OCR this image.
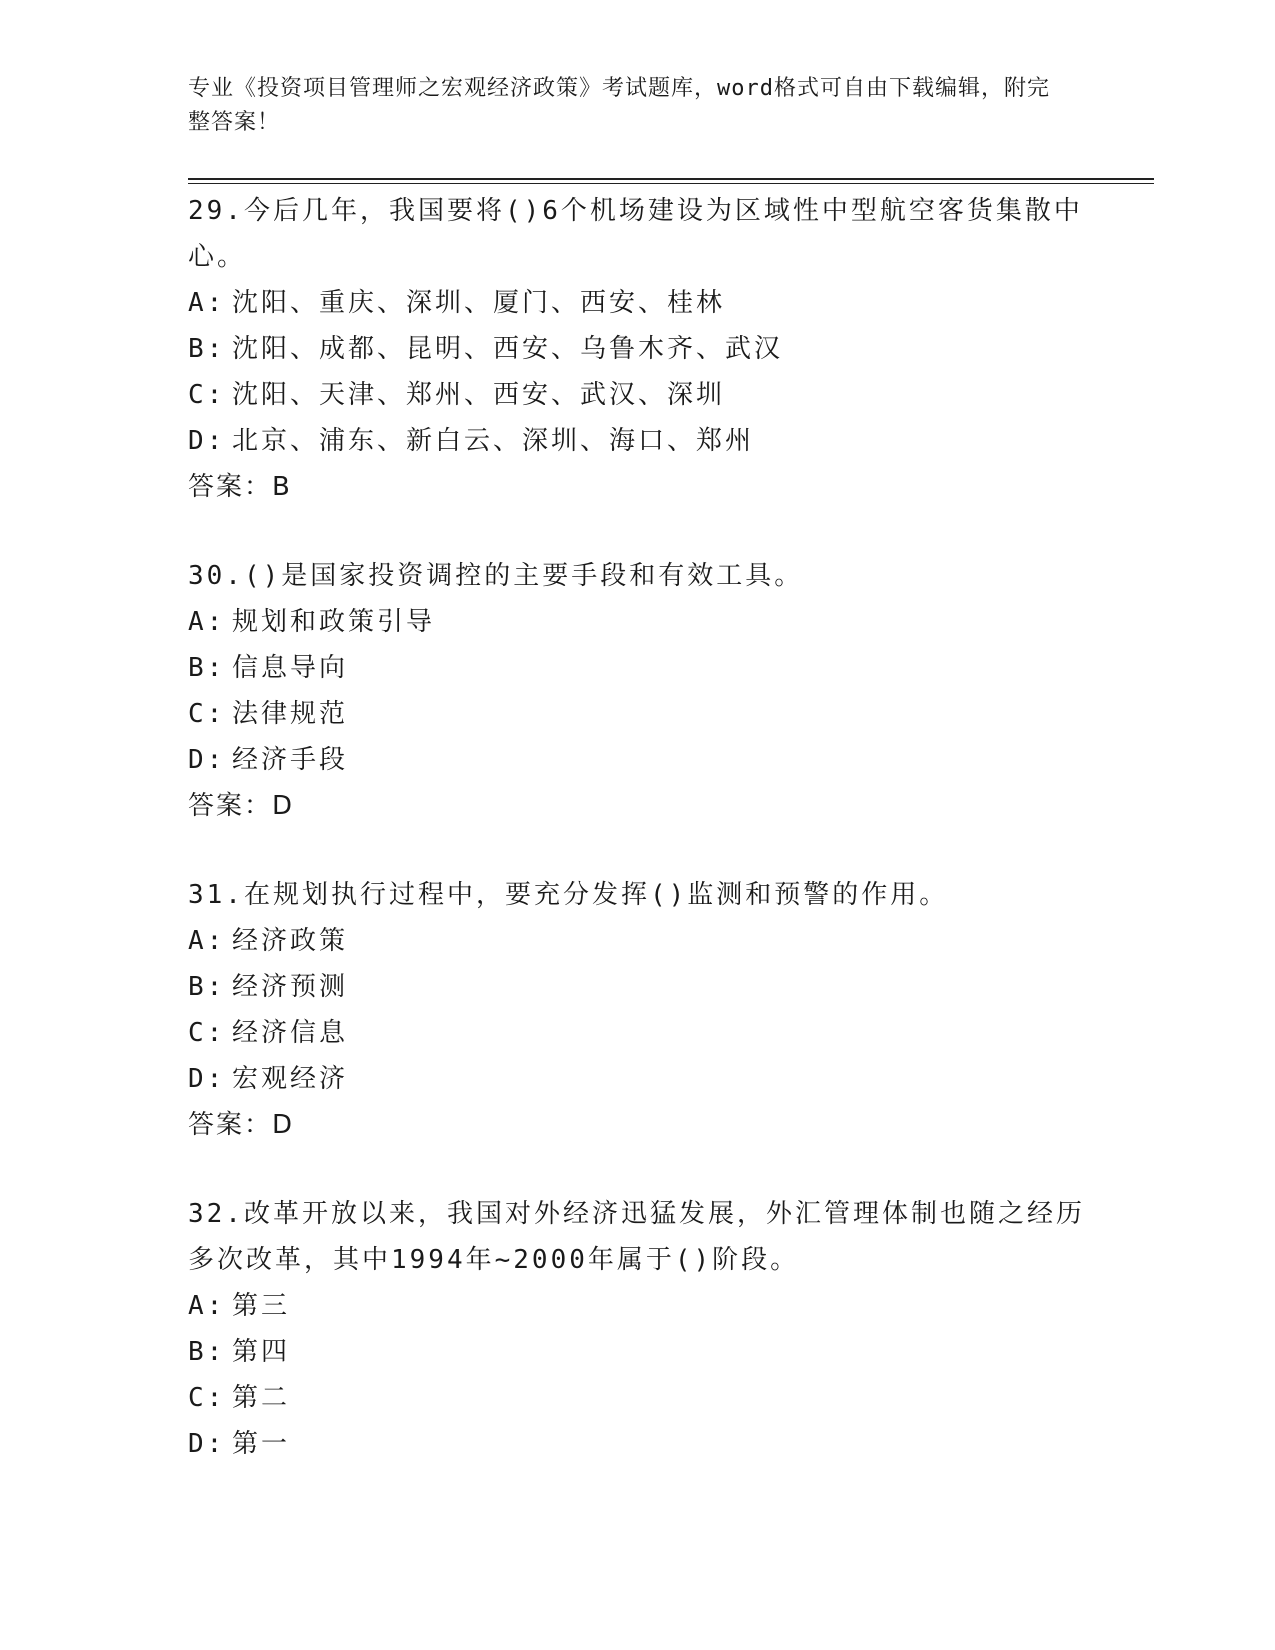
专业《投资项目管理师之宏观经济政策》考试题库，word格式可自由下载编辑，附完整答案！

29.今后几年，我国要将()6个机场建设为区域性中型航空客货集散中心。

A: 沈阳、重庆、深圳、厦门、西安、桂林

B: 沈阳、成都、昆明、西安、乌鲁木齐、武汉

C: 沈阳、天津、郑州、西安、武汉、深圳

D: 北京、浦东、新白云、深圳、海口、郑州

答案：B

30.()是国家投资调控的主要手段和有效工具。

A: 规划和政策引导

B: 信息导向

C: 法律规范

D: 经济手段

答案：D

31.在规划执行过程中，要充分发挥()监测和预警的作用。

A: 经济政策

B: 经济预测

C: 经济信息

D: 宏观经济

答案：D

32.改革开放以来，我国对外经济迅猛发展，外汇管理体制也随之经历多次改革，其中1994年~2000年属于()阶段。

A: 第三

B: 第四

C: 第二

D: 第一
